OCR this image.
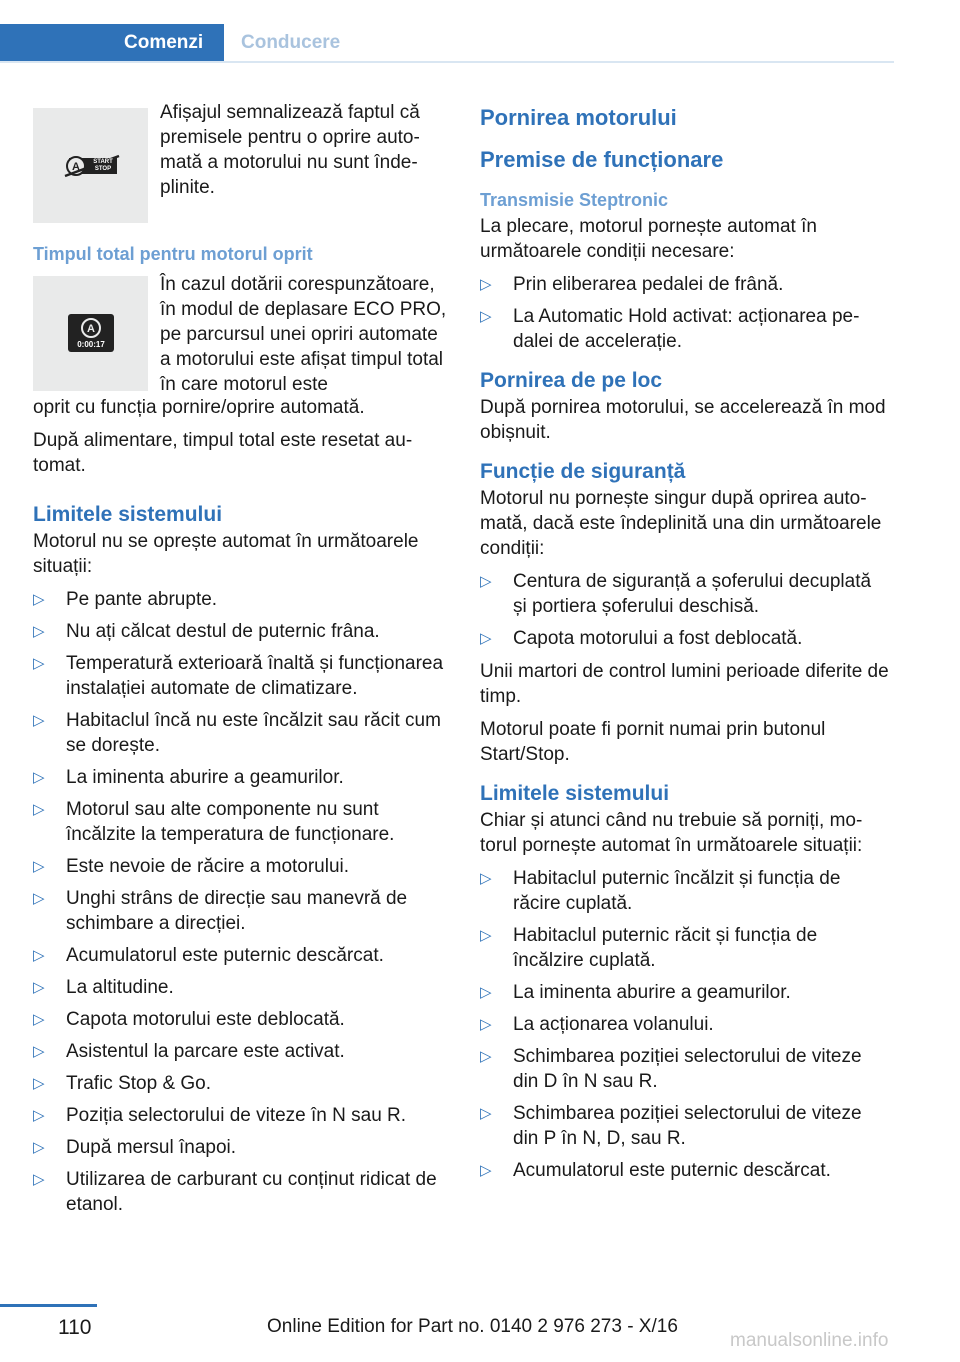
Comenzi Conducere
A	START STOP
Afișajul semnalizează faptul că premisele pentru o oprire automată a motorului nu sunt îndeplinite.
Timpul total pentru motorul oprit
A
0:00:17
În cazul dotării corespunzătoare, în modul de deplasare ECO PRO, pe parcursul unei opriri automate a motorului este afișat timpul total în care motorul este

oprit cu funcția pornire/oprire automată.

După alimentare, timpul total este resetat automat.

Limitele sistemului

Motorul nu se oprește automat în următoarele situații:

▷ Pe pante abrupte.
▷ Nu ați călcat destul de puternic frâna.
▷ Temperatură exterioară înaltă și funcționarea instalației automate de climatizare.
▷ Habitaclul încă nu este încălzit sau răcit cum se dorește.
▷ La iminenta aburire a geamurilor.
▷ Motorul sau alte componente nu sunt încălzite la temperatura de funcționare.
▷ Este nevoie de răcire a motorului.
▷ Unghi strâns de direcție sau manevră de schimbare a direcției.
▷ Acumulatorul este puternic descărcat.
▷ La altitudine.
▷ Capota motorului este deblocată.
▷ Asistentul la parcare este activat.
▷ Trafic Stop & Go.
▷ Poziția selectorului de viteze în N sau R.
▷ După mersul înapoi.
▷ Utilizarea de carburant cu conținut ridicat de etanol.
Pornirea motorului
Premise de funcționare
Transmisie Steptronic

La plecare, motorul pornește automat în următoarele condiții necesare:

▷ Prin eliberarea pedalei de frână.
▷ La Automatic Hold activat: acționarea pedalei de accelerație.
Pornirea de pe loc

După pornirea motorului, se accelerează în mod obișnuit.

Funcție de siguranță

Motorul nu pornește singur după oprirea automată, dacă este îndeplinită una din următoarele condiții:

▷ Centura de siguranță a șoferului decuplată și portiera șoferului deschisă.
▷ Capota motorului a fost deblocată.

Unii martori de control lumini perioade diferite de timp.

Motorul poate fi pornit numai prin butonul Start/Stop.

Limitele sistemului

Chiar și atunci când nu trebuie să porniți, motorul pornește automat în următoarele situații:

▷ Habitaclul puternic încălzit și funcția de răcire cuplată.
▷ Habitaclul puternic răcit și funcția de încălzire cuplată.
▷ La iminenta aburire a geamurilor.
▷ La acționarea volanului.
▷ Schimbarea poziției selectorului de viteze din D în N sau R.
▷ Schimbarea poziției selectorului de viteze din P în N, D, sau R.
▷ Acumulatorul este puternic descărcat.
110	Online Edition for Part no. 0140 2 976 273 - X/16
manualsonline.info
